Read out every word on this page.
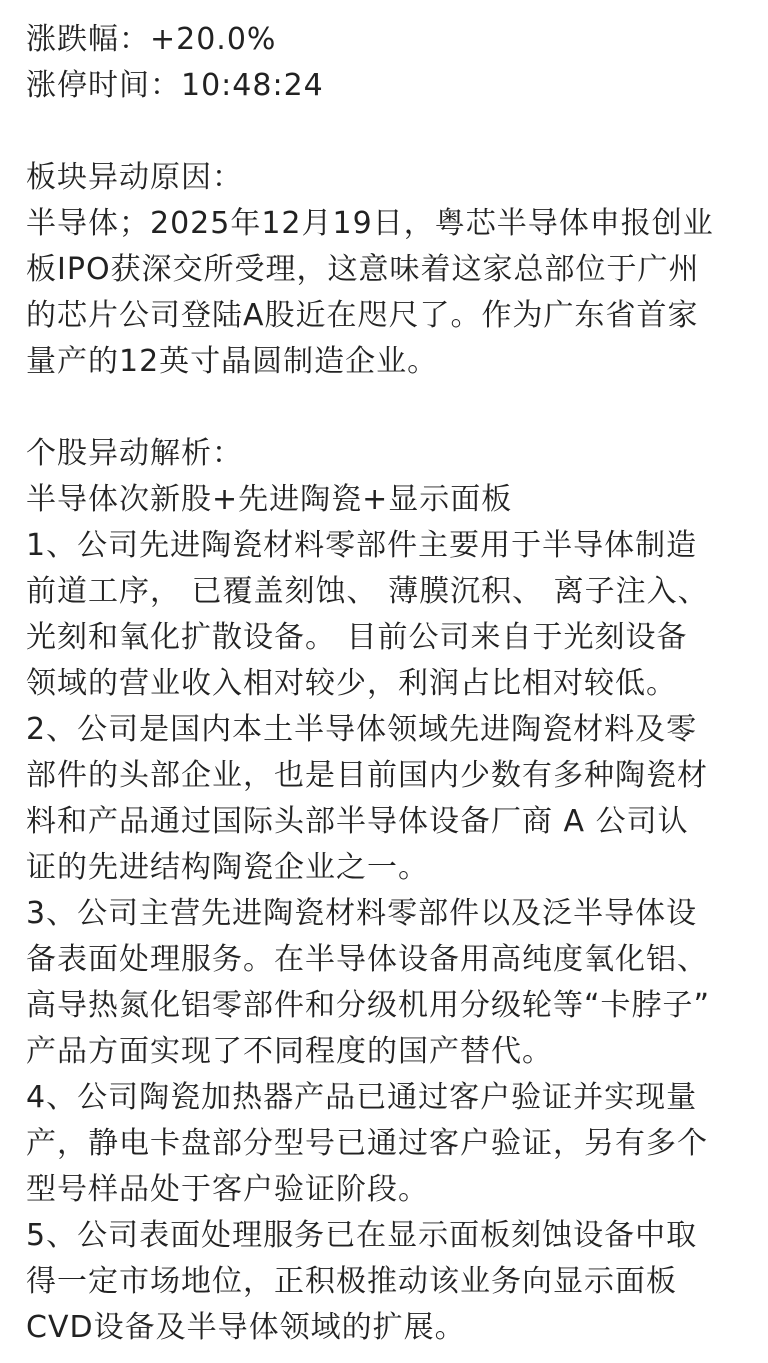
涨跌幅：+20.0%
涨停时间：10:48:24
板块异动原因：
半导体；2025年12月19日，粤芯半导体申报创业
板IPO获深交所受理，这意味着这家总部位于广州
的芯片公司登陆A股近在咫尺了。作为广东省首家
量产的12英寸晶圆制造企业。
个股异动解析：
半导体次新股+先进陶瓷+显示面板
1、公司先进陶瓷材料零部件主要用于半导体制造
前道工序， 已覆盖刻蚀、 薄膜沉积、 离子注入、
光刻和氧化扩散设备。 目前公司来自于光刻设备
领域的营业收入相对较少，利润占比相对较低。
2、公司是国内本土半导体领域先进陶瓷材料及零
部件的头部企业，也是目前国内少数有多种陶瓷材
料和产品通过国际头部半导体设备厂商 A 公司认
证的先进结构陶瓷企业之一。
3、公司主营先进陶瓷材料零部件以及泛半导体设
备表面处理服务。在半导体设备用高纯度氧化铝、
高导热氮化铝零部件和分级机用分级轮等“卡脖子”
产品方面实现了不同程度的国产替代。
4、公司陶瓷加热器产品已通过客户验证并实现量
产，静电卡盘部分型号已通过客户验证，另有多个
型号样品处于客户验证阶段。
5、公司表面处理服务已在显示面板刻蚀设备中取
得一定市场地位，正积极推动该业务向显示面板
CVD设备及半导体领域的扩展。
